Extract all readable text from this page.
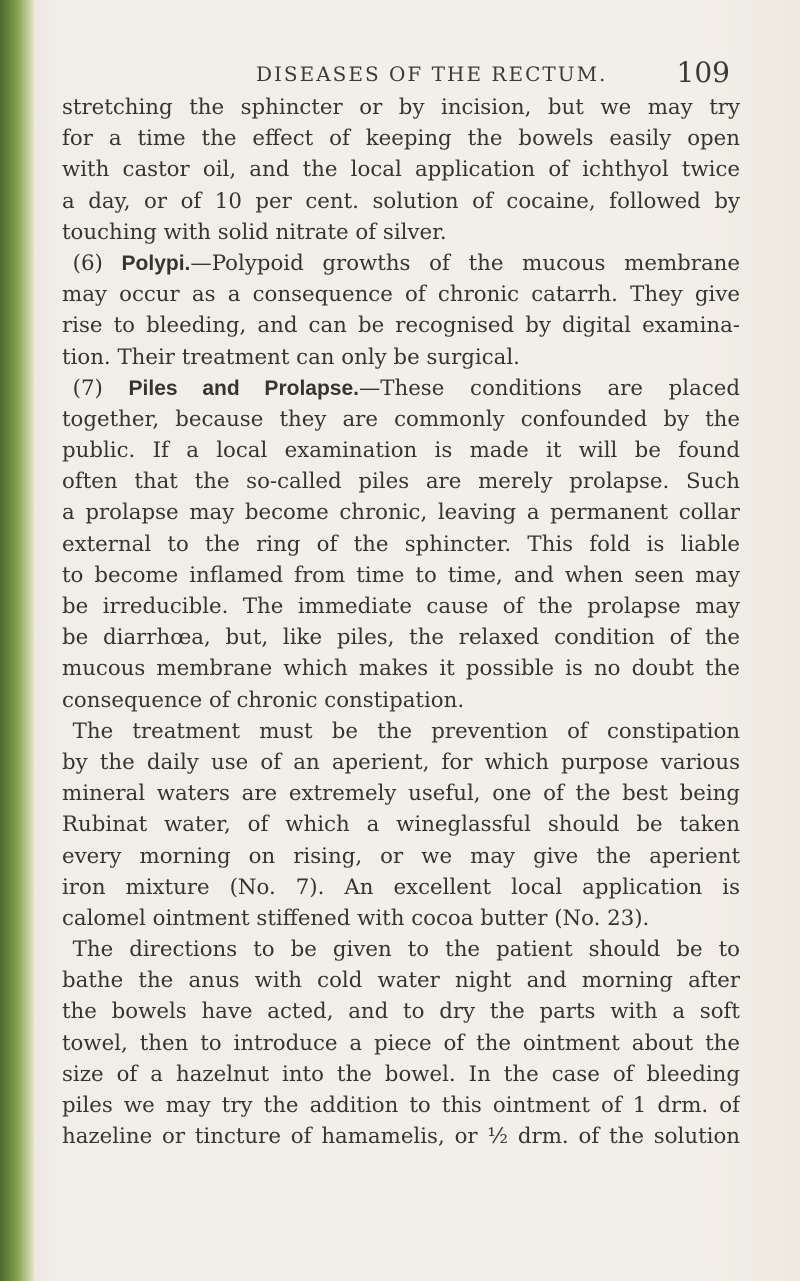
DISEASES OF THE RECTUM. 109
stretching the sphincter or by incision, but we may try
for a time the effect of keeping the bowels easily open
with castor oil, and the local application of ichthyol twice
a day, or of 10 per cent. solution of cocaine, followed by
touching with solid nitrate of silver.
 (6) Polypi.—Polypoid growths of the mucous membrane
may occur as a consequence of chronic catarrh. They give
rise to bleeding, and can be recognised by digital examina-
tion. Their treatment can only be surgical.
 (7) Piles and Prolapse.—These conditions are placed
together, because they are commonly confounded by the
public. If a local examination is made it will be found
often that the so-called piles are merely prolapse. Such
a prolapse may become chronic, leaving a permanent collar
external to the ring of the sphincter. This fold is liable
to become inflamed from time to time, and when seen may
be irreducible. The immediate cause of the prolapse may
be diarrhœa, but, like piles, the relaxed condition of the
mucous membrane which makes it possible is no doubt the
consequence of chronic constipation.
 The treatment must be the prevention of constipation
by the daily use of an aperient, for which purpose various
mineral waters are extremely useful, one of the best being
Rubinat water, of which a wineglassful should be taken
every morning on rising, or we may give the aperient
iron mixture (No. 7). An excellent local application is
calomel ointment stiffened with cocoa butter (No. 23).
 The directions to be given to the patient should be to
bathe the anus with cold water night and morning after
the bowels have acted, and to dry the parts with a soft
towel, then to introduce a piece of the ointment about the
size of a hazelnut into the bowel. In the case of bleeding
piles we may try the addition to this ointment of 1 drm. of
hazeline or tincture of hamamelis, or ½ drm. of the solution
